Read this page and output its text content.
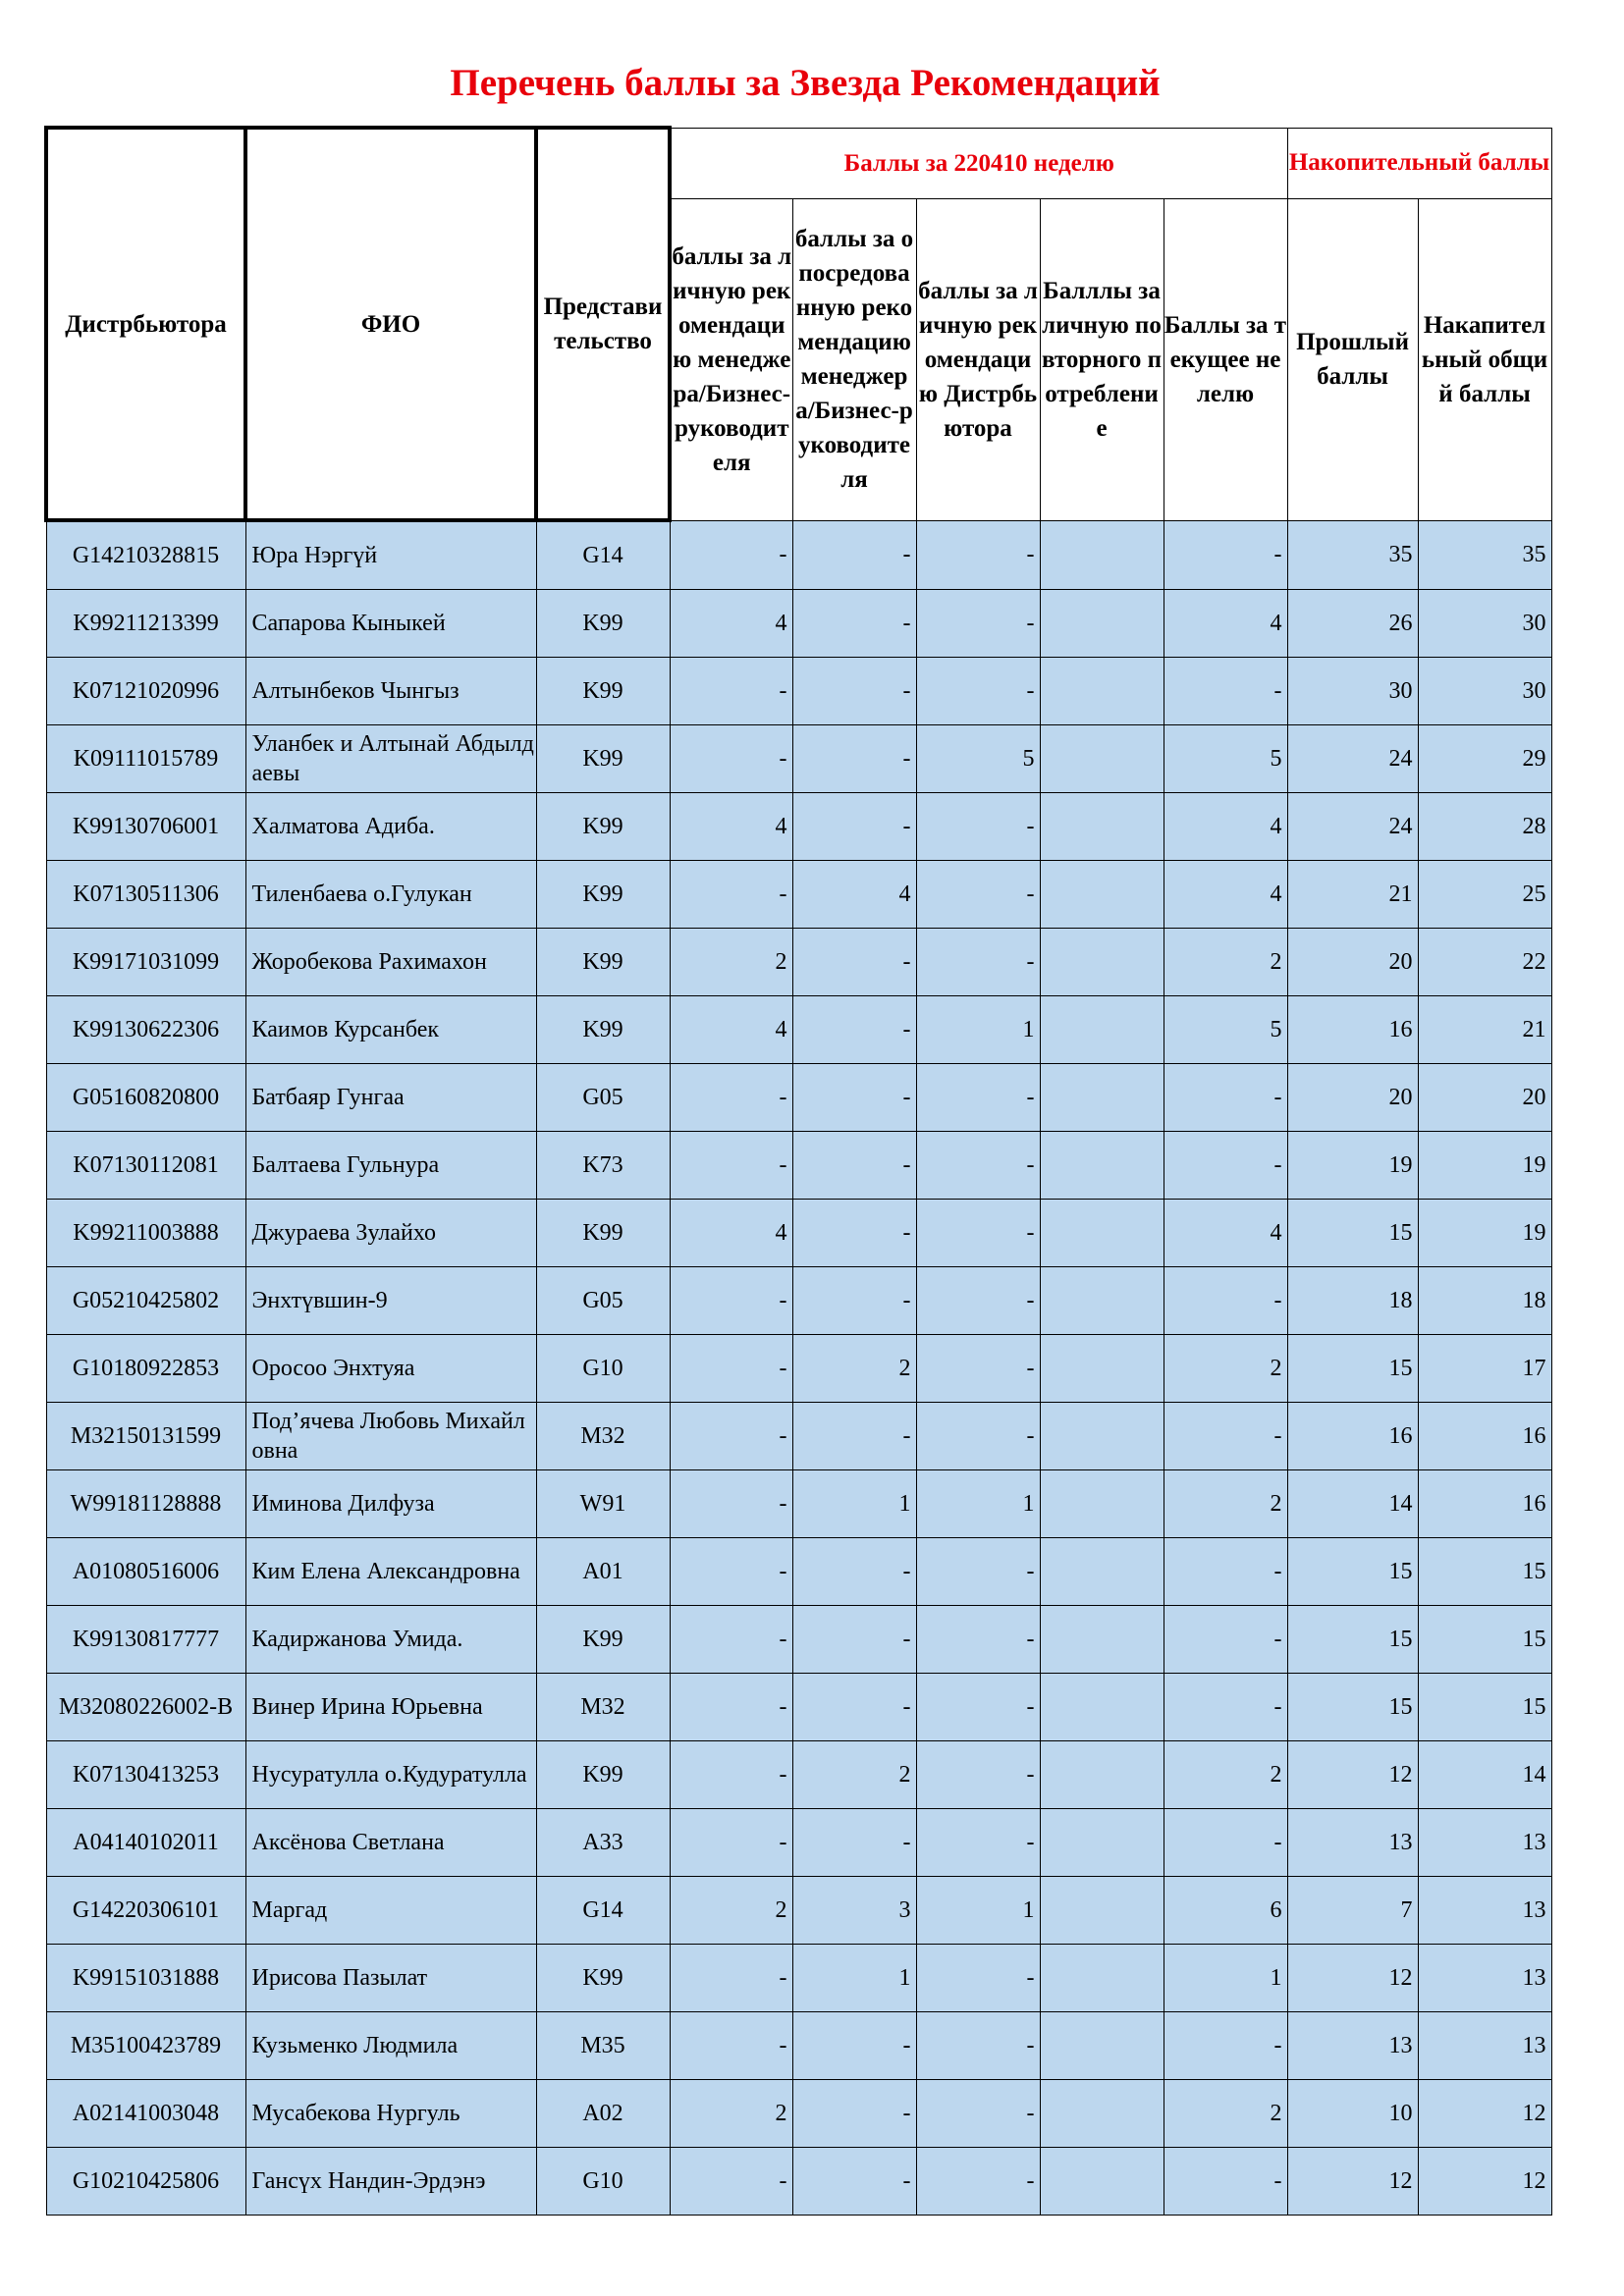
Перечень баллы за Звезда Рекомендаций
Дистрбьютора	ФИО	Представительство	Баллы за 220410 неделю					Накопительный баллы	
			баллы за личную рекомендацию менеджера/Бизнес-руководителя	баллы за опосредованную рекомендацию менеджера/Бизнес-руководителя	баллы за личную рекомендацию Дистрбьютора	Балллы за личную повторного потребление	Баллы за текущее нелелю	Прошлый баллы	Накапительный общий баллы
G14210328815	Юра Нэргүй	G14	-	-	-		-	35	35
K99211213399	Сапарова Кыныкей	K99	4	-	-		4	26	30
K07121020996	Алтынбеков Чынгыз	K99	-	-	-		-	30	30
K09111015789	Уланбек и Алтынай Абдылдаевы	K99	-	-	5		5	24	29
K99130706001	Халматова Адиба.	K99	4	-	-		4	24	28
K07130511306	Тиленбаева о.Гулукан	K99	-	4	-		4	21	25
K99171031099	Жоробекова Рахимахон	K99	2	-	-		2	20	22
K99130622306	Каимов Курсанбек	K99	4	-	1		5	16	21
G05160820800	Батбаяр Гунгаа	G05	-	-	-		-	20	20
K07130112081	Балтаева Гульнура	K73	-	-	-		-	19	19
K99211003888	Джураева Зулайхо	K99	4	-	-		4	15	19
G05210425802	Энхтүвшин-9	G05	-	-	-		-	18	18
G10180922853	Оросоо Энхтуяа	G10	-	2	-		2	15	17
M32150131599	Под’ячева Любовь Михайловна	M32	-	-	-		-	16	16
W99181128888	Иминова Дилфуза	W91	-	1	1		2	14	16
A01080516006	Ким Елена Александровна	A01	-	-	-		-	15	15
K99130817777	Кадиржанова Умида.	K99	-	-	-		-	15	15
M32080226002-B	Винер Ирина Юрьевна	M32	-	-	-		-	15	15
K07130413253	Нусуратулла о.Кудуратулла	K99	-	2	-		2	12	14
A04140102011	Аксёнова Светлана	A33	-	-	-		-	13	13
G14220306101	Маргад	G14	2	3	1		6	7	13
K99151031888	Ирисова Пазылат	K99	-	1	-		1	12	13
M35100423789	Кузьменко Людмила	M35	-	-	-		-	13	13
A02141003048	Мусабекова Нургуль	A02	2	-	-		2	10	12
G10210425806	Гансүх Нандин-Эрдэнэ	G10	-	-	-		-	12	12
